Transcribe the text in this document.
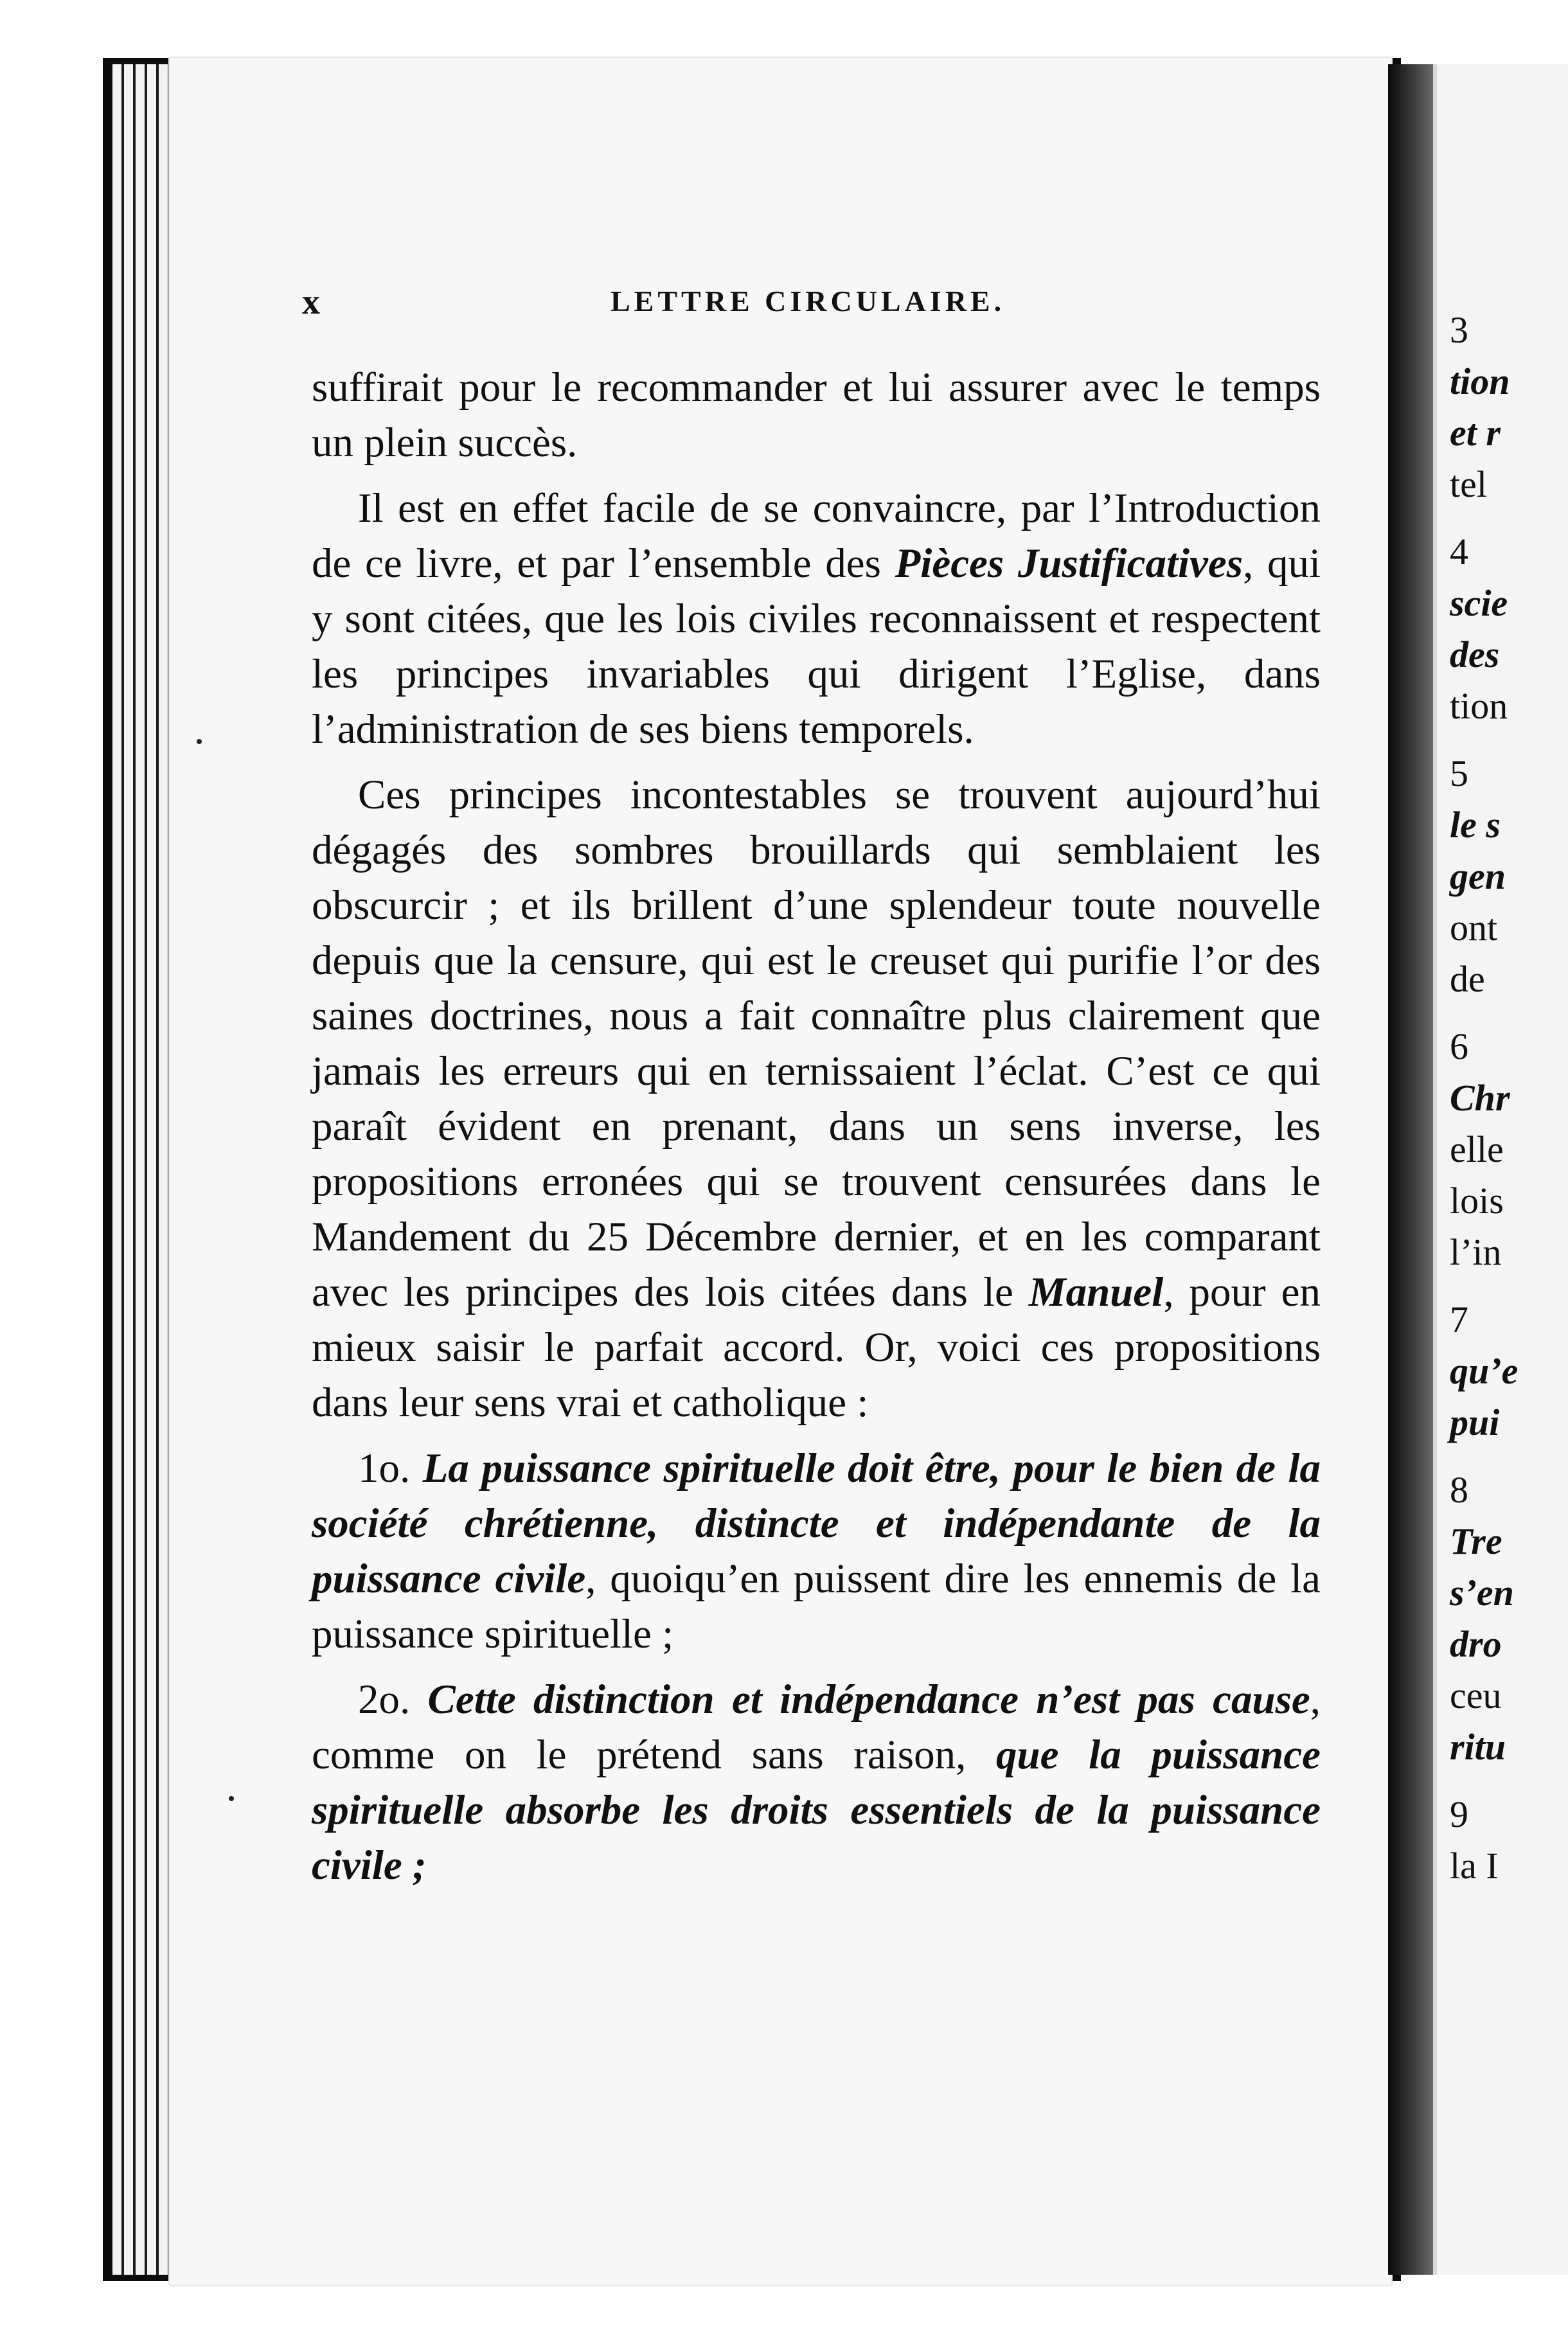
3
tion
et r
tel
4
scie
des
tion
5
le s
gen
ont
de
6
Chr
elle
lois
l’in
7
qu’e
pui
8
Tre
s’en
dro
ceu
ritu
9
la I
x	LETTRE CIRCULAIRE.

suffirait pour le recommander et lui assurer avec le temps un plein succès.

Il est en effet facile de se convaincre, par l’Introduction de ce livre, et par l’ensemble des Pièces Justificatives, qui y sont citées, que les lois civiles reconnaissent et respectent les principes invariables qui dirigent l’Eglise, dans l’administration de ses biens temporels.

Ces principes incontestables se trouvent aujourd’hui dégagés des sombres brouillards qui semblaient les obscurcir ; et ils brillent d’une splendeur toute nouvelle depuis que la censure, qui est le creuset qui purifie l’or des saines doctrines, nous a fait connaître plus clairement que jamais les erreurs qui en ternissaient l’éclat. C’est ce qui paraît évident en prenant, dans un sens inverse, les propositions erronées qui se trouvent censurées dans le Mandement du 25 Décembre dernier, et en les comparant avec les principes des lois citées dans le Manuel, pour en mieux saisir le parfait accord. Or, voici ces propositions dans leur sens vrai et catholique :

1o. La puissance spirituelle doit être, pour le bien de la société chrétienne, distincte et indépendante de la puissance civile, quoiqu’en puissent dire les ennemis de la puissance spirituelle ;

2o. Cette distinction et indépendance n’est pas cause, comme on le prétend sans raison, que la puissance spirituelle absorbe les droits essentiels de la puissance civile ;
